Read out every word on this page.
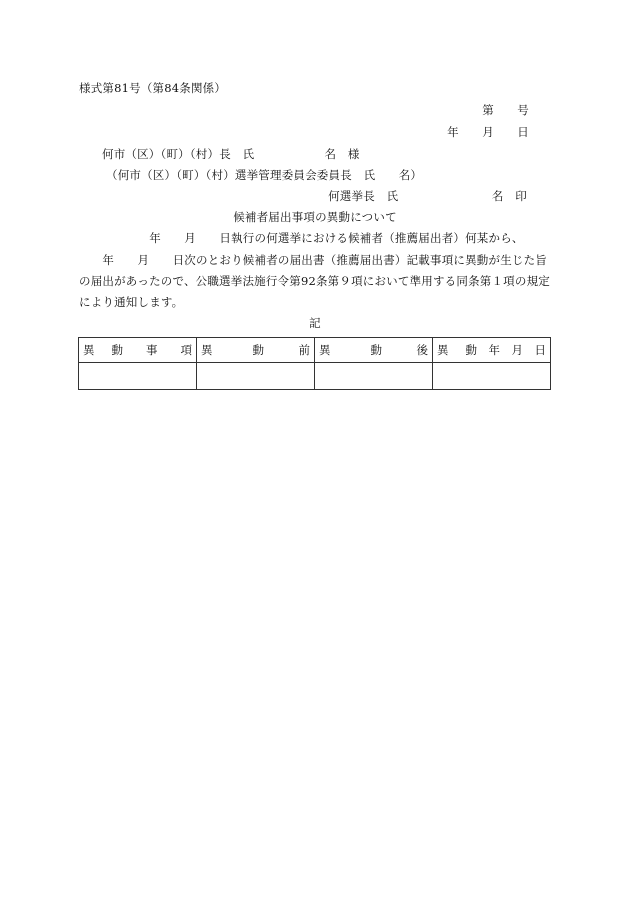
様式第81号（第84条関係）
第　　号
年　　月　　日
何市（区）（町）（村）長　氏　　　　　　名　様
（何市（区）（町）（村）選挙管理委員会委員長　氏　　名）
何選挙長　氏　　　　　　　　名　印
候補者届出事項の異動について

　　　　　　年　　月　　日執行の何選挙における候補者（推薦届出者）何某から、

　　年　　月　　日次のとおり候補者の届出書（推薦届出書）記載事項に異動が生じた旨

の届出があったので、公職選挙法施行令第92条第９項において準用する同条第１項の規定

により通知します。

記
異 動　　事　　項	異 動　　　前	異 動　　　後	異 動　年　月　日
